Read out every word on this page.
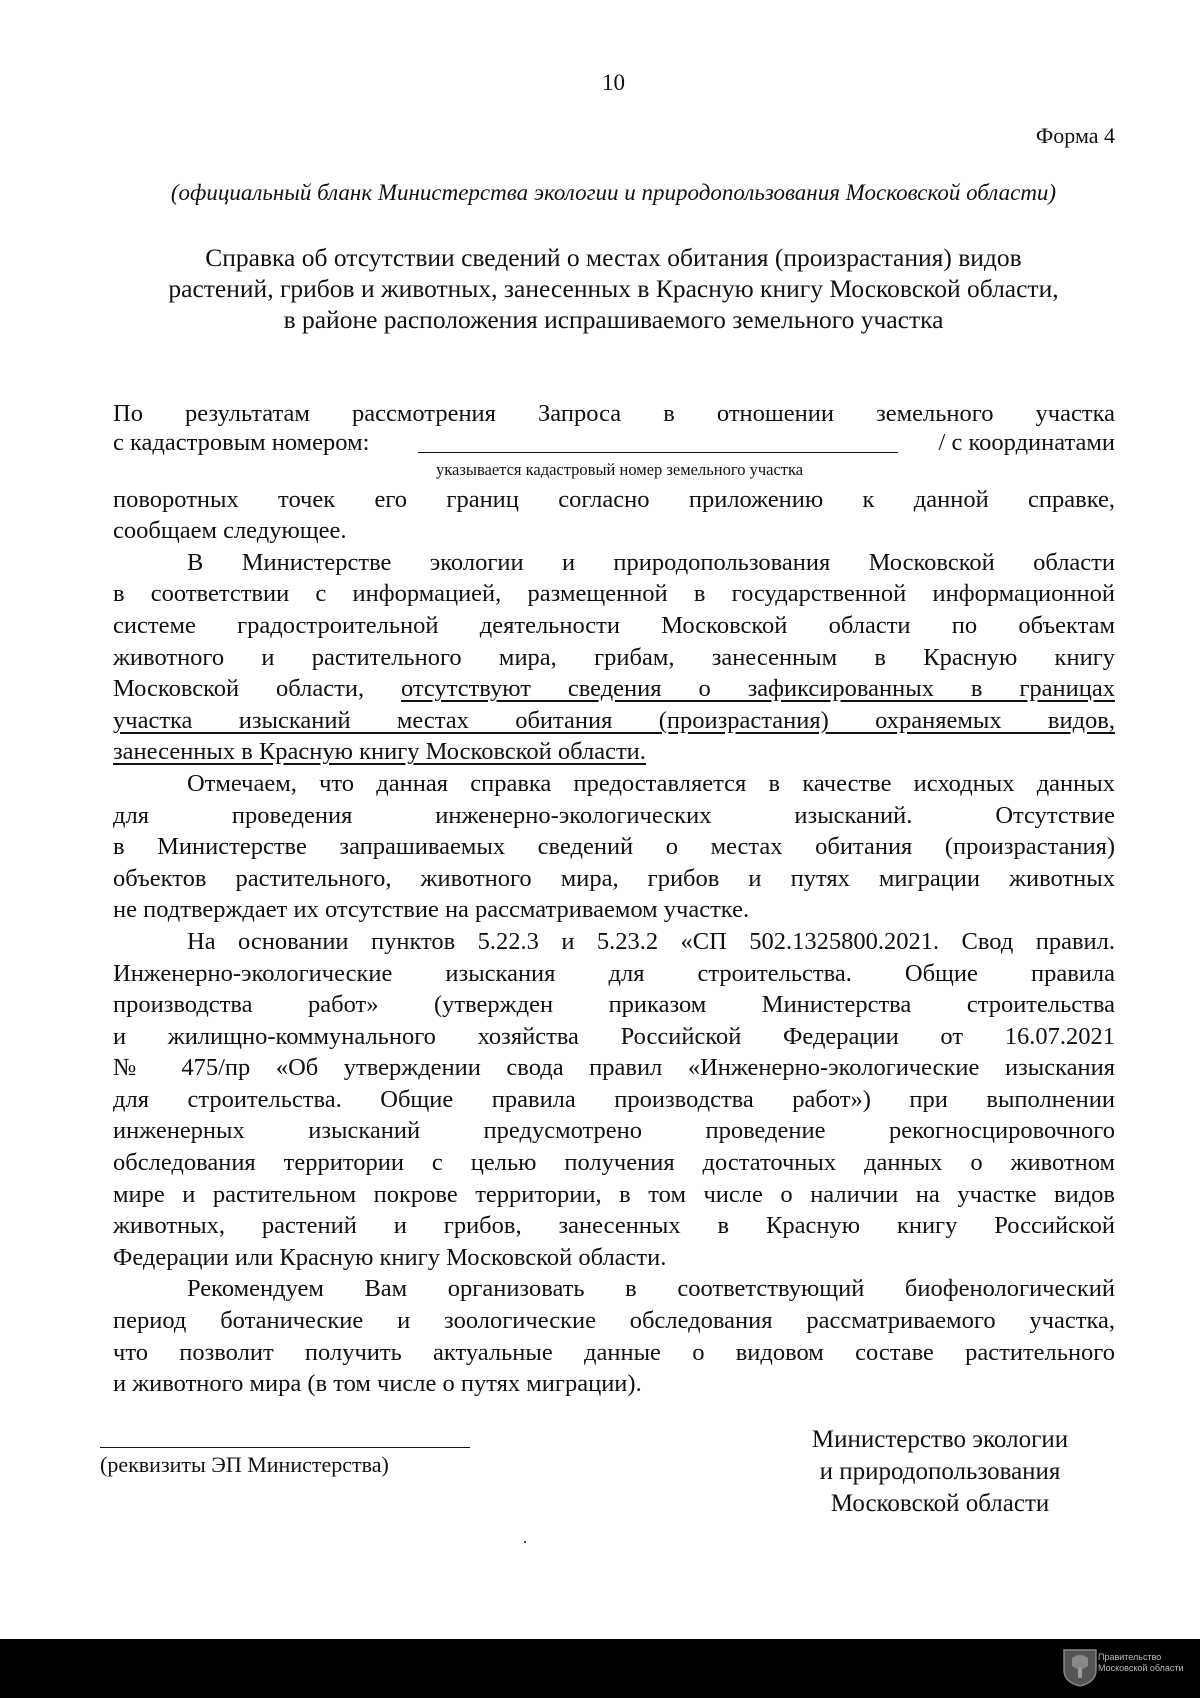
10
Форма 4
(официальный бланк Министерства экологии и природопользования Московской области)
Справка об отсутствии сведений о местах обитания (произрастания) видов
растений, грибов и животных, занесенных в Красную книгу Московской области,
в районе расположения испрашиваемого земельного участка
По результатам рассмотрения Запроса в отношении земельного участка
с кадастровым номером:	/ с координатами
указывается кадастровый номер земельного участка
поворотных точек его границ согласно приложению к данной справке,
сообщаем следующее.
В Министерстве экологии и природопользования Московской области
в соответствии с информацией, размещенной в государственной информационной
системе градостроительной деятельности Московской области по объектам
животного и растительного мира, грибам, занесенным в Красную книгу
Московской области, отсутствуют сведения о зафиксированных в границах
участка изысканий местах обитания (произрастания) охраняемых видов,
занесенных в Красную книгу Московской области.
Отмечаем, что данная справка предоставляется в качестве исходных данных
для проведения инженерно-экологических изысканий. Отсутствие
в Министерстве запрашиваемых сведений о местах обитания (произрастания)
объектов растительного, животного мира, грибов и путях миграции животных
не подтверждает их отсутствие на рассматриваемом участке.
На основании пунктов 5.22.3 и 5.23.2 «СП 502.1325800.2021. Свод правил.
Инженерно-экологические изыскания для строительства. Общие правила
производства работ» (утвержден приказом Министерства строительства
и жилищно-коммунального хозяйства Российской Федерации от 16.07.2021
№ 475/пр «Об утверждении свода правил «Инженерно-экологические изыскания
для строительства. Общие правила производства работ») при выполнении
инженерных изысканий предусмотрено проведение рекогносцировочного
обследования территории с целью получения достаточных данных о животном
мире и растительном покрове территории, в том числе о наличии на участке видов
животных, растений и грибов, занесенных в Красную книгу Российской
Федерации или Красную книгу Московской области.
Рекомендуем Вам организовать в соответствующий биофенологический
период ботанические и зоологические обследования рассматриваемого участка,
что позволит получить актуальные данные о видовом составе растительного
и животного мира (в том числе о путях миграции).
(реквизиты ЭП Министерства)
Министерство экологии
и природопользования
Московской области
Правительство
Московской области
